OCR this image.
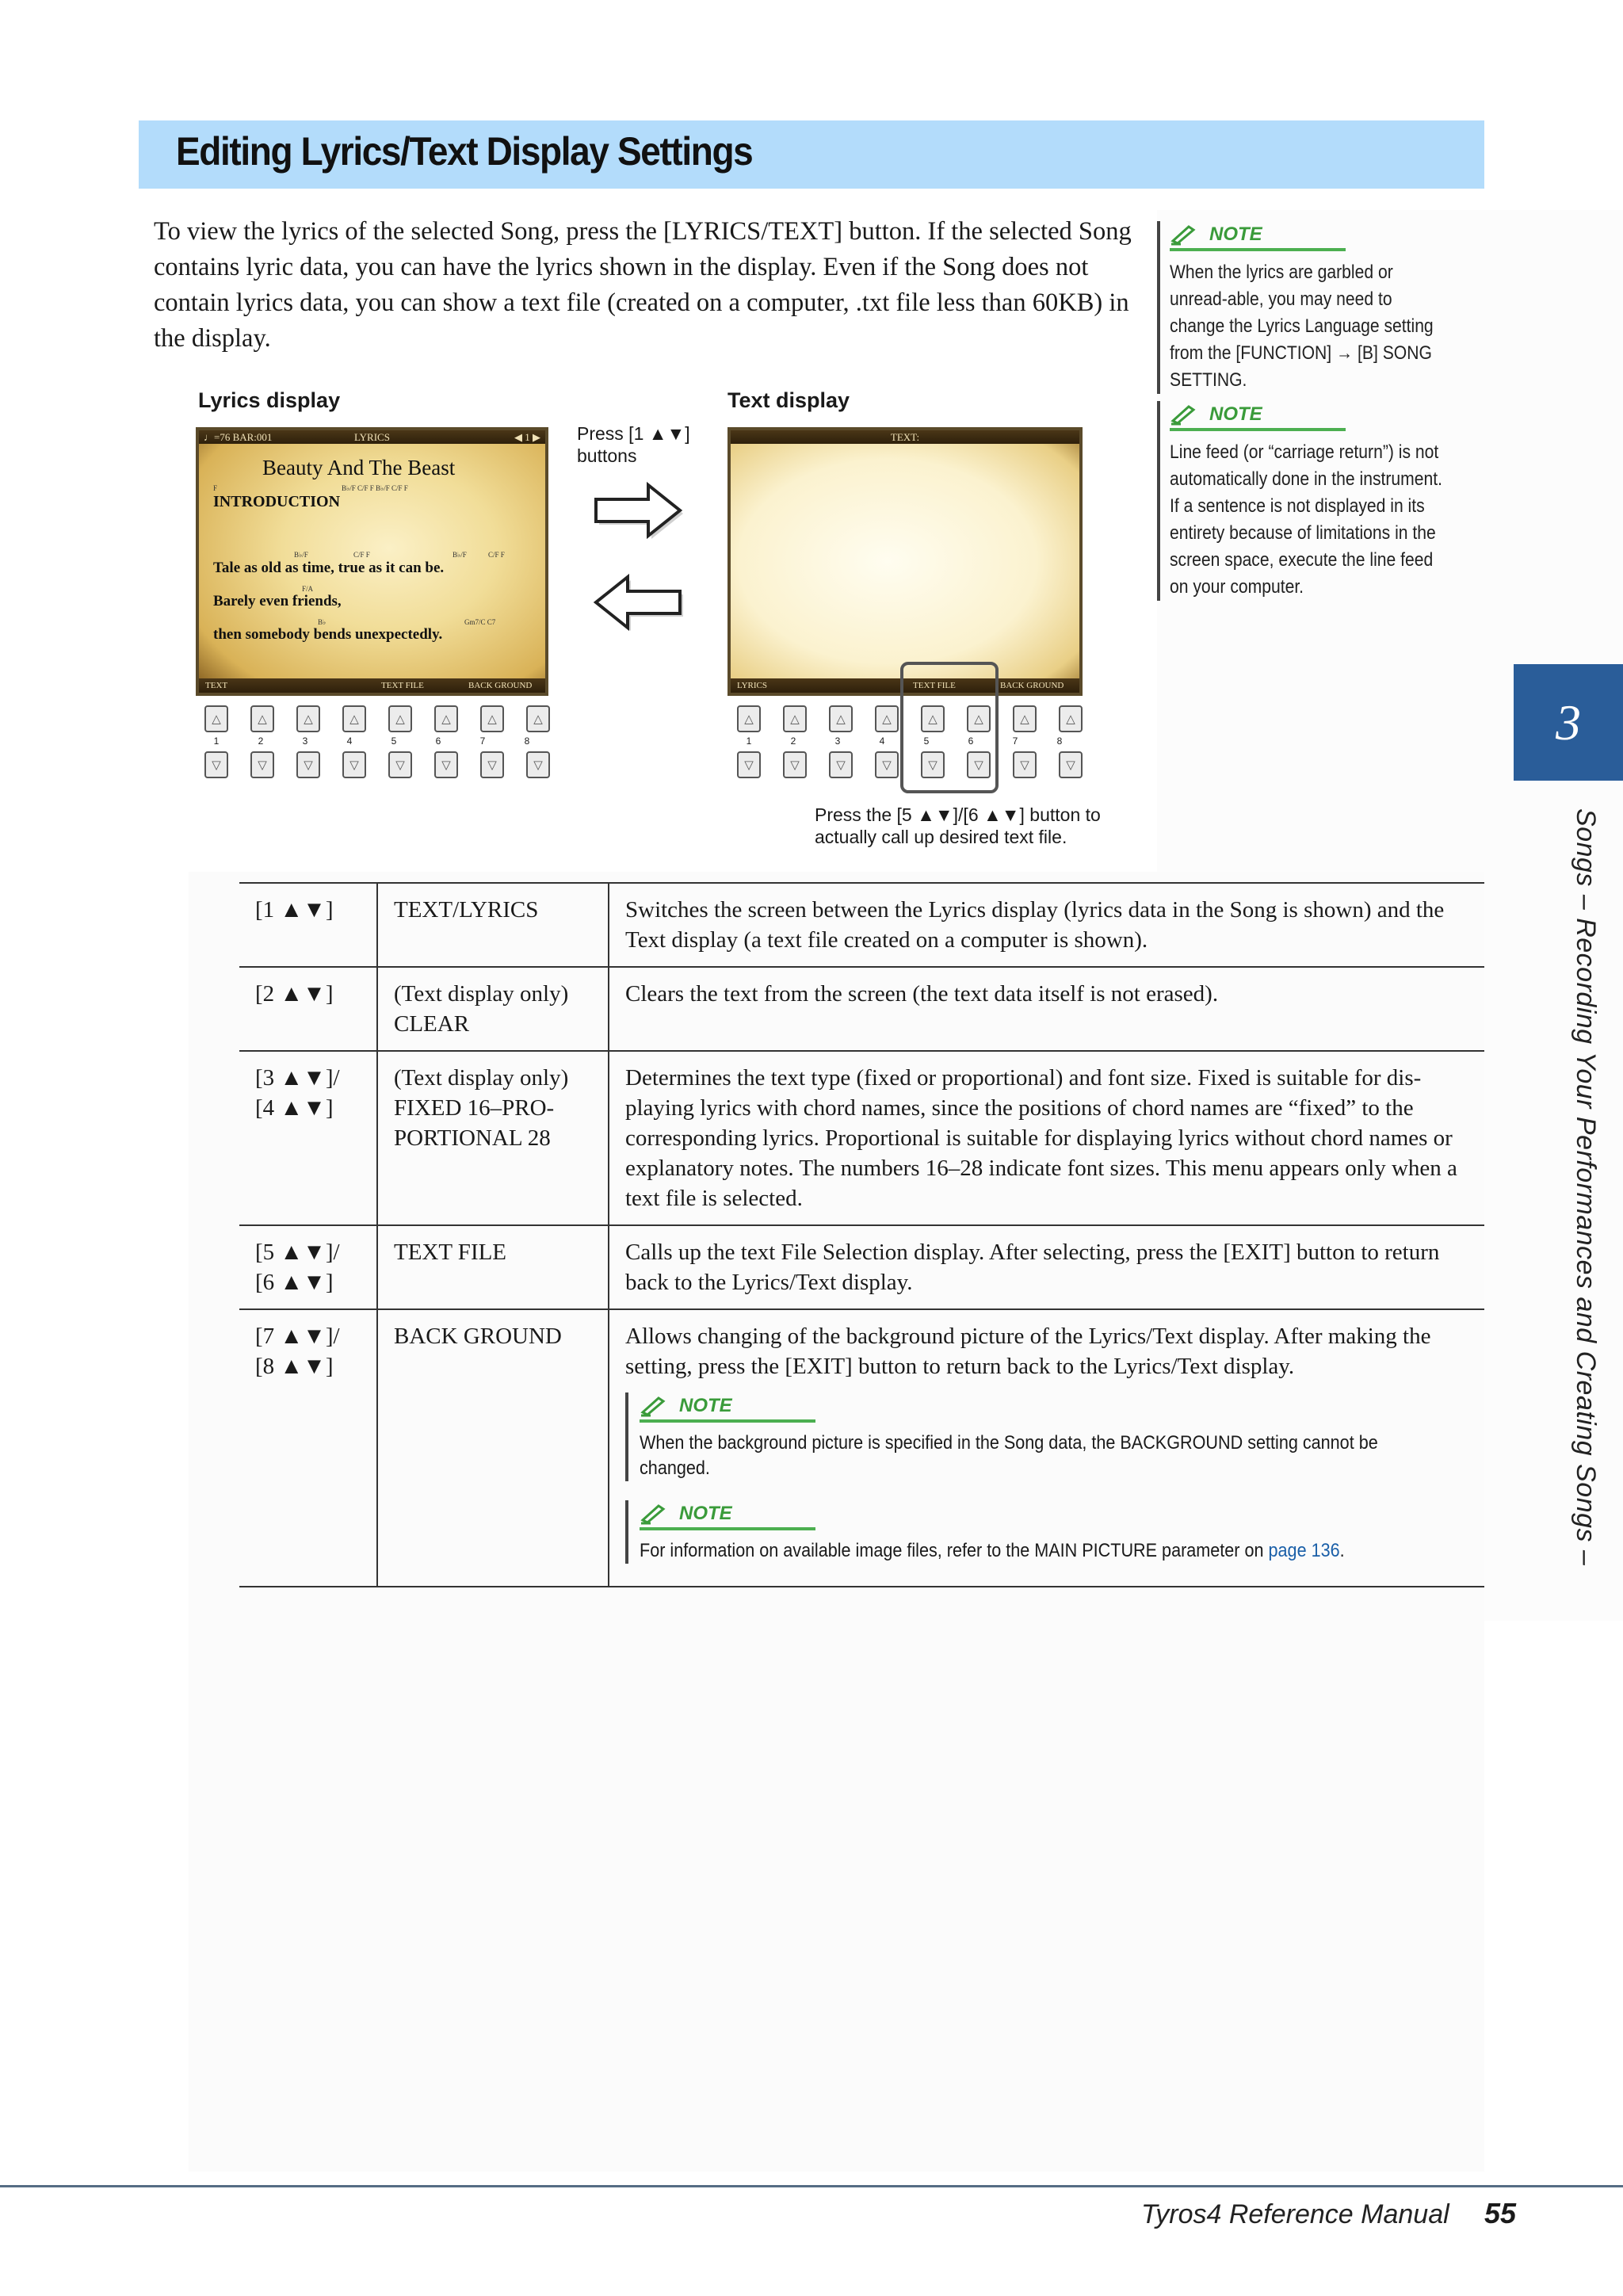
Editing Lyrics/Text Display Settings
To view the lyrics of the selected Song, press the [LYRICS/TEXT] button. If the selected Song contains lyric data, you can have the lyrics shown in the display. Even if the Song does not contain lyrics data, you can show a text file (created on a computer, .txt file less than 60KB) in the display.
NOTE
When the lyrics are garbled or unread-able, you may need to change the Lyrics Language setting from the [FUNCTION] → [B] SONG SETTING.
NOTE
Line feed (or “carriage return”) is not automatically done in the instrument. If a sentence is not displayed in its entirety because of limitations in the screen space, execute the line feed on your computer.
Lyrics display	Text display
♩=76 BAR:001	LYRICS	◀ 1 ▶
Beauty And The Beast
F	B♭/F C/F F B♭/F C/F F
INTRODUCTION
B♭/F	C/F F	B♭/F	C/F F
Tale as old as time, true as it can be.
F/A
Barely even friends,
B♭	Gm7/C C7
then somebody bends unexpectedly.
TEXT	TEXT FILE	BACK GROUND
TEXT:
LYRICS	TEXT FILE	BACK GROUND
Press [1 ▲▼] buttons
△	△	△	△	△	△	△	△
1	2	3	4	5	6	7	8
▽	▽	▽	▽	▽	▽	▽	▽
△	△	△	△	△	△	△	△
1	2	3	4	5	6	7	8
▽	▽	▽	▽	▽	▽	▽	▽
Press the [5 ▲▼]/[6 ▲▼] button to actually call up desired text file.
[1 ▲▼]	TEXT/LYRICS	Switches the screen between the Lyrics display (lyrics data in the Song is shown) and the Text display (a text file created on a computer is shown).
[2 ▲▼]	(Text display only) CLEAR	Clears the text from the screen (the text data itself is not erased).
[3 ▲▼]/ [4 ▲▼]	(Text display only) FIXED 16–PRO-PORTIONAL 28	Determines the text type (fixed or proportional) and font size. Fixed is suitable for dis-playing lyrics with chord names, since the positions of chord names are “fixed” to the corresponding lyrics. Proportional is suitable for displaying lyrics without chord names or explanatory notes. The numbers 16–28 indicate font sizes. This menu appears only when a text file is selected.
[5 ▲▼]/ [6 ▲▼]	TEXT FILE	Calls up the text File Selection display. After selecting, press the [EXIT] button to return back to the Lyrics/Text display.
[7 ▲▼]/ [8 ▲▼]	BACK GROUND	Allows changing of the background picture of the Lyrics/Text display. After making the setting, press the [EXIT] button to return back to the Lyrics/Text display.
NOTE
When the background picture is specified in the Song data, the BACKGROUND setting cannot be changed.
NOTE
For information on available image files, refer to the MAIN PICTURE parameter on page 136.
3
Songs – Recording Your Performances and Creating Songs –
Tyros4 Reference Manual 55
